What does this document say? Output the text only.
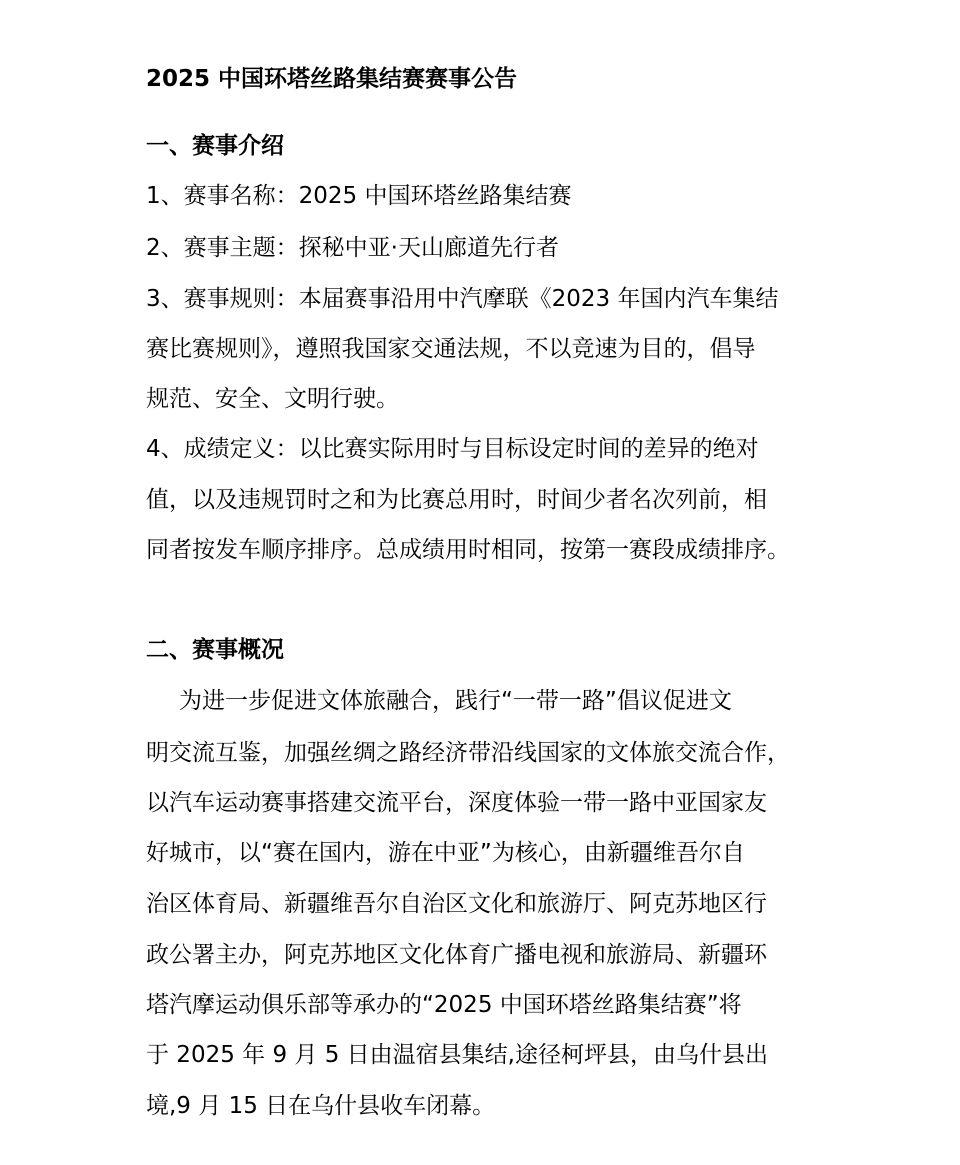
2025 中国环塔丝路集结赛赛事公告
一、赛事介绍
1、赛事名称：2025 中国环塔丝路集结赛
2、赛事主题：探秘中亚·天山廊道先行者
3、赛事规则：本届赛事沿用中汽摩联《2023 年国内汽车集结
赛比赛规则》，遵照我国家交通法规，不以竞速为目的，倡导
规范、安全、文明行驶。
4、成绩定义：以比赛实际用时与目标设定时间的差异的绝对
值，以及违规罚时之和为比赛总用时，时间少者名次列前，相
同者按发车顺序排序。总成绩用时相同，按第一赛段成绩排序。
二、赛事概况
为进一步促进文体旅融合，践行“一带一路”倡议促进文
明交流互鉴，加强丝绸之路经济带沿线国家的文体旅交流合作，
以汽车运动赛事搭建交流平台，深度体验一带一路中亚国家友
好城市，以“赛在国内，游在中亚”为核心，由新疆维吾尔自
治区体育局、新疆维吾尔自治区文化和旅游厅、阿克苏地区行
政公署主办，阿克苏地区文化体育广播电视和旅游局、新疆环
塔汽摩运动俱乐部等承办的“2025 中国环塔丝路集结赛”将
于 2025 年 9 月 5 日由温宿县集结,途径柯坪县，由乌什县出
境,9 月 15 日在乌什县收车闭幕。
